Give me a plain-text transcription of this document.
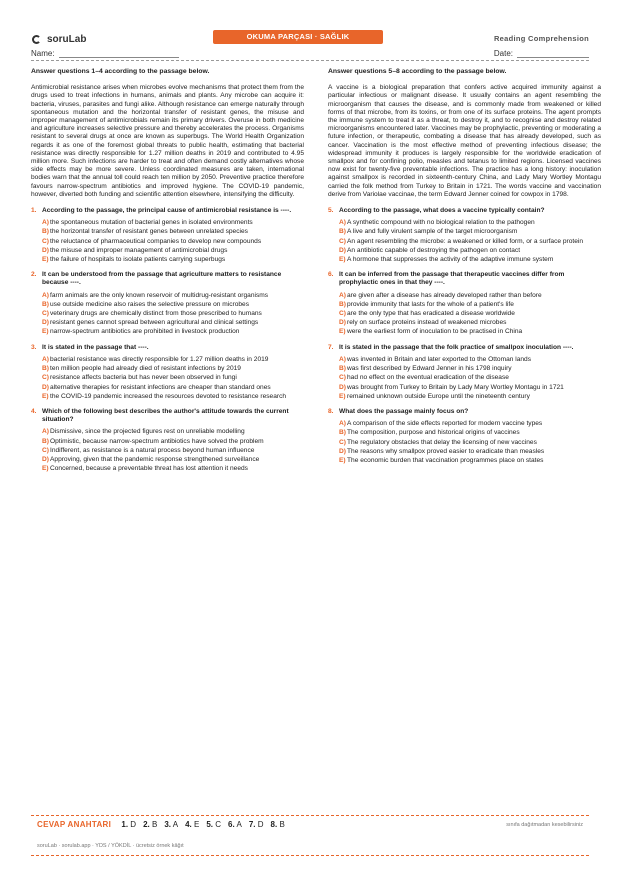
soruLab	OKUMA PARÇASI · SAĞLIK	Reading Comprehension
Name:	Date:
Answer questions 1–4 according to the passage below.

Antimicrobial resistance arises when microbes evolve mechanisms that protect them from the drugs used to treat infections in humans, animals and plants. Any microbe can acquire it: bacteria, viruses, parasites and fungi alike. Although resistance can emerge naturally through spontaneous mutation and the horizontal transfer of resistant genes, the misuse and improper management of antimicrobials remain its primary drivers. Overuse in both medicine and agriculture increases selective pressure and thereby accelerates the process. Organisms resistant to several drugs at once are known as superbugs. The World Health Organization regards it as one of the foremost global threats to public health, estimating that bacterial resistance was directly responsible for 1.27 million deaths in 2019 and contributed to 4.95 million more. Such infections are harder to treat and often demand costly alternatives whose side effects may be more severe. Unless coordinated measures are taken, international bodies warn that the annual toll could reach ten million by 2050. Preventive practice therefore favours narrow-spectrum antibiotics and improved hygiene. The COVID-19 pandemic, however, diverted both funding and scientific attention elsewhere, intensifying the difficulty.

1. According to the passage, the principal cause of antimicrobial resistance is ----.
A) the spontaneous mutation of bacterial genes in isolated environments
B) the horizontal transfer of resistant genes between unrelated species
C) the reluctance of pharmaceutical companies to develop new compounds
D) the misuse and improper management of antimicrobial drugs
E) the failure of hospitals to isolate patients carrying superbugs
2. It can be understood from the passage that agriculture matters to resistance because ----.
A) farm animals are the only known reservoir of multidrug-resistant organisms
B) use outside medicine also raises the selective pressure on microbes
C) veterinary drugs are chemically distinct from those prescribed to humans
D) resistant genes cannot spread between agricultural and clinical settings
E) narrow-spectrum antibiotics are prohibited in livestock production
3. It is stated in the passage that ----.
A) bacterial resistance was directly responsible for 1.27 million deaths in 2019
B) ten million people had already died of resistant infections by 2019
C) resistance affects bacteria but has never been observed in fungi
D) alternative therapies for resistant infections are cheaper than standard ones
E) the COVID-19 pandemic increased the resources devoted to resistance research
4. Which of the following best describes the author's attitude towards the current situation?
A) Dismissive, since the projected figures rest on unreliable modelling
B) Optimistic, because narrow-spectrum antibiotics have solved the problem
C) Indifferent, as resistance is a natural process beyond human influence
D) Approving, given that the pandemic response strengthened surveillance
E) Concerned, because a preventable threat has lost attention it needs
Answer questions 5–8 according to the passage below.

A vaccine is a biological preparation that confers active acquired immunity against a particular infectious or malignant disease. It usually contains an agent resembling the microorganism that causes the disease, and is commonly made from weakened or killed forms of that microbe, from its toxins, or from one of its surface proteins. The agent prompts the immune system to treat it as a threat, to destroy it, and to recognise and destroy related microorganisms encountered later. Vaccines may be prophylactic, preventing or moderating a future infection, or therapeutic, combating a disease that has already developed, such as cancer. Vaccination is the most effective method of preventing infectious disease; the widespread immunity it produces is largely responsible for the worldwide eradication of smallpox and for confining polio, measles and tetanus to limited regions. Licensed vaccines now exist for twenty-five preventable infections. The practice has a long history: inoculation against smallpox is recorded in sixteenth-century China, and Lady Mary Wortley Montagu carried the folk method from Turkey to Britain in 1721. The words vaccine and vaccination derive from Variolae vaccinae, the term Edward Jenner coined for cowpox in 1798.

5. According to the passage, what does a vaccine typically contain?
A) A synthetic compound with no biological relation to the pathogen
B) A live and fully virulent sample of the target microorganism
C) An agent resembling the microbe: a weakened or killed form, or a surface protein
D) An antibiotic capable of destroying the pathogen on contact
E) A hormone that suppresses the activity of the adaptive immune system
6. It can be inferred from the passage that therapeutic vaccines differ from prophylactic ones in that they ----.
A) are given after a disease has already developed rather than before
B) provide immunity that lasts for the whole of a patient's life
C) are the only type that has eradicated a disease worldwide
D) rely on surface proteins instead of weakened microbes
E) were the earliest form of inoculation to be practised in China
7. It is stated in the passage that the folk practice of smallpox inoculation ----.
A) was invented in Britain and later exported to the Ottoman lands
B) was first described by Edward Jenner in his 1798 inquiry
C) had no effect on the eventual eradication of the disease
D) was brought from Turkey to Britain by Lady Mary Wortley Montagu in 1721
E) remained unknown outside Europe until the nineteenth century
8. What does the passage mainly focus on?
A) A comparison of the side effects reported for modern vaccine types
B) The composition, purpose and historical origins of vaccines
C) The regulatory obstacles that delay the licensing of new vaccines
D) The reasons why smallpox proved easier to eradicate than measles
E) The economic burden that vaccination programmes place on states
CEVAP ANAHTARI 1. D 2. B 3. A 4. E 5. C 6. A 7. D 8. B	sınıfa dağıtmadan kesebilirsiniz
soruLab · sorulab.app · YDS / YÖKDİL · ücretsiz örnek kâğıt
